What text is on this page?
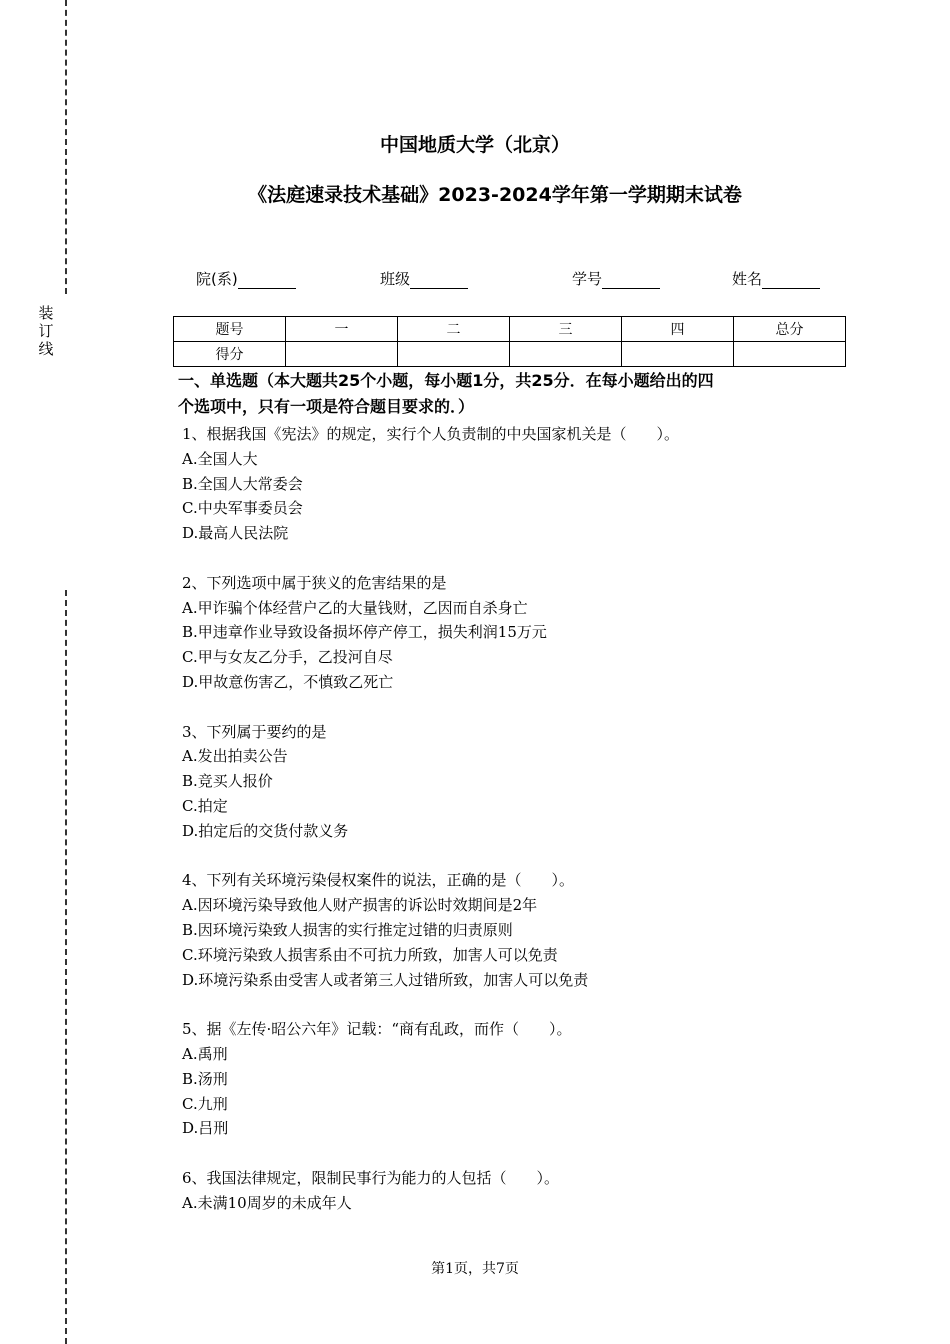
装
订
线
中国地质大学（北京）
《法庭速录技术基础》2023-2024学年第一学期期末试卷
院(系)	班级	学号	姓名
题号	一	二	三	四	总分
得分					
一、单选题（本大题共25个小题，每小题1分，共25分．在每小题给出的四
个选项中，只有一项是符合题目要求的．）
1、根据我国《宪法》的规定，实行个人负责制的中央国家机关是（　　）。
A.全国人大
B.全国人大常委会
C.中央军事委员会
D.最高人民法院
2、下列选项中属于狭义的危害结果的是
A.甲诈骗个体经营户乙的大量钱财，乙因而自杀身亡
B.甲违章作业导致设备损坏停产停工，损失利润15万元
C.甲与女友乙分手，乙投河自尽
D.甲故意伤害乙，不慎致乙死亡
3、下列属于要约的是
A.发出拍卖公告
B.竞买人报价
C.拍定
D.拍定后的交货付款义务
4、下列有关环境污染侵权案件的说法，正确的是（　　）。
A.因环境污染导致他人财产损害的诉讼时效期间是2年
B.因环境污染致人损害的实行推定过错的归责原则
C.环境污染致人损害系由不可抗力所致，加害人可以免责
D.环境污染系由受害人或者第三人过错所致，加害人可以免责
5、据《左传·昭公六年》记载：“商有乱政，而作（　　）。
A.禹刑
B.汤刑
C.九刑
D.吕刑
6、我国法律规定，限制民事行为能力的人包括（　　）。
A.未满10周岁的未成年人
第1页，共7页
